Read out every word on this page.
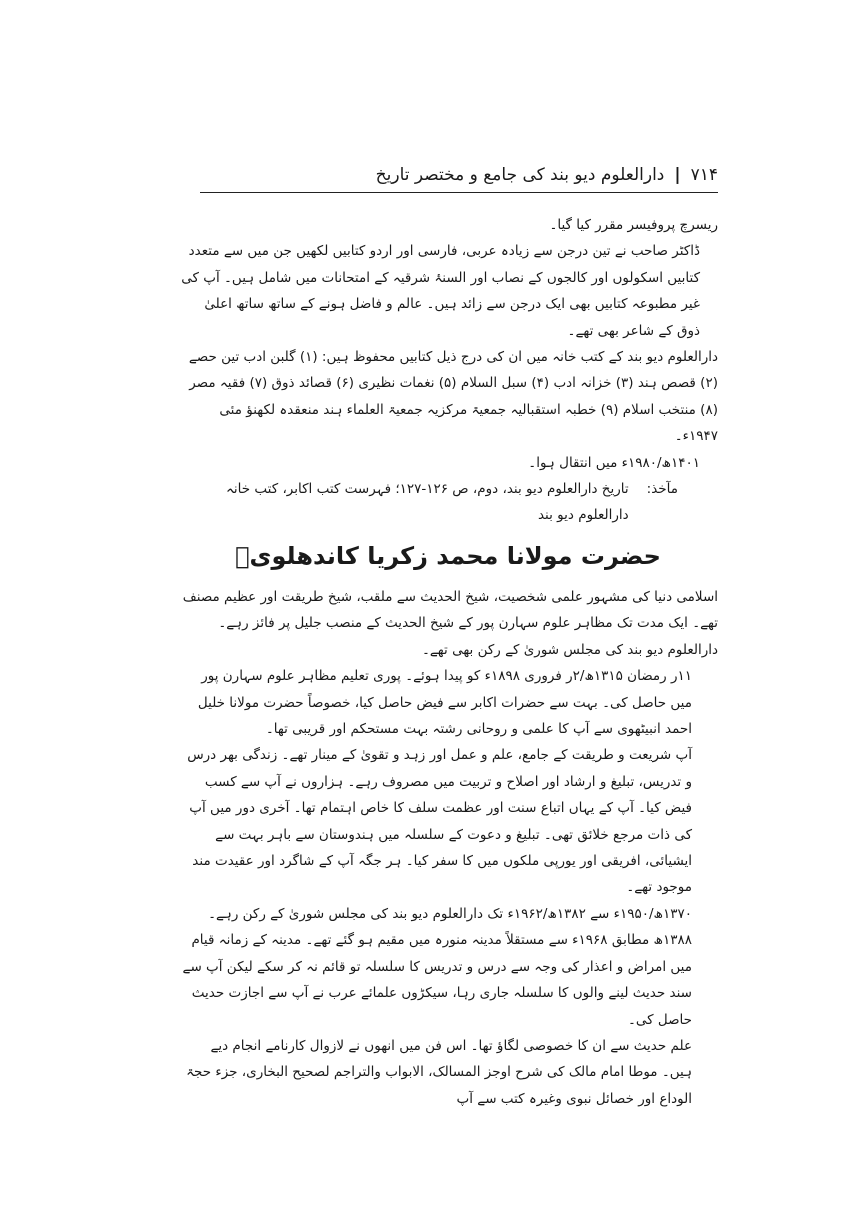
۷۱۴
|
دارالعلوم دیو بند کی جامع و مختصر تاریخ

ریسرچ پروفیسر مقرر کیا گیا۔

ڈاکٹر صاحب نے تین درجن سے زیادہ عربی، فارسی اور اردو کتابیں لکھیں جن میں سے متعدد کتابیں اسکولوں اور کالجوں کے نصاب اور السنۂ شرقیہ کے امتحانات میں شامل ہیں۔ آپ کی غیر مطبوعہ کتابیں بھی ایک درجن سے زائد ہیں۔ عالم و فاضل ہونے کے ساتھ ساتھ اعلیٰ ذوق کے شاعر بھی تھے۔

دارالعلوم دیو بند کے کتب خانہ میں ان کی درج ذیل کتابیں محفوظ ہیں: (۱) گلبن ادب تین حصے (۲) قصص ہند (۳) خزانہ ادب (۴) سبل السلام (۵) نغمات نظیری (۶) قصائد ذوق (۷) فقیہ مصر (۸) منتخب اسلام (۹) خطبہ استقبالیہ جمعیۃ مرکزیہ جمعیۃ العلماء ہند منعقدہ لکھنؤ مئی ۱۹۴۷ء۔

۱۴۰۱ھ/۱۹۸۰ء میں انتقال ہوا۔

مآخذ:
تاریخ دارالعلوم دیو بند، دوم، ص ۱۲۶-۱۲۷؛ فہرست کتب اکابر، کتب خانہ دارالعلوم دیو بند
حضرت مولانا محمد زکریا کاندھلویؒ

اسلامی دنیا کی مشہور علمی شخصیت، شیخ الحدیث سے ملقب، شیخ طریقت اور عظیم مصنف تھے۔ ایک مدت تک مظاہر علوم سہارن پور کے شیخ الحدیث کے منصب جلیل پر فائز رہے۔ دارالعلوم دیو بند کی مجلس شوریٰ کے رکن بھی تھے۔

۱۱ر رمضان ۱۳۱۵ھ/۲ر فروری ۱۸۹۸ء کو پیدا ہوئے۔ پوری تعلیم مظاہر علوم سہارن پور میں حاصل کی۔ بہت سے حضرات اکابر سے فیض حاصل کیا، خصوصاً حضرت مولانا خلیل احمد انبیٹھوی سے آپ کا علمی و روحانی رشتہ بہت مستحکم اور قریبی تھا۔

آپ شریعت و طریقت کے جامع، علم و عمل اور زہد و تقویٰ کے مینار تھے۔ زندگی بھر درس و تدریس، تبلیغ و ارشاد اور اصلاح و تربیت میں مصروف رہے۔ ہزاروں نے آپ سے کسب فیض کیا۔ آپ کے یہاں اتباع سنت اور عظمت سلف کا خاص اہتمام تھا۔ آخری دور میں آپ کی ذات مرجع خلائق تھی۔ تبلیغ و دعوت کے سلسلہ میں ہندوستان سے باہر بہت سے ایشیائی، افریقی اور یورپی ملکوں میں کا سفر کیا۔ ہر جگہ آپ کے شاگرد اور عقیدت مند موجود تھے۔

۱۳۷۰ھ/۱۹۵۰ء سے ۱۳۸۲ھ/۱۹۶۲ء تک دارالعلوم دیو بند کی مجلس شوریٰ کے رکن رہے۔ ۱۳۸۸ھ مطابق ۱۹۶۸ء سے مستقلاً مدینہ منورہ میں مقیم ہو گئے تھے۔ مدینہ کے زمانہ قیام میں امراض و اعذار کی وجہ سے درس و تدریس کا سلسلہ تو قائم نہ کر سکے لیکن آپ سے سند حدیث لینے والوں کا سلسلہ جاری رہا، سیکڑوں علمائے عرب نے آپ سے اجازت حدیث حاصل کی۔

علم حدیث سے ان کا خصوصی لگاؤ تھا۔ اس فن میں انھوں نے لازوال کارنامے انجام دیے ہیں۔ موطا امام مالک کی شرح اوجز المسالک، الابواب والتراجم لصحیح البخاری، جزء حجۃ الوداع اور خصائل نبوی وغیرہ کتب سے آپ
